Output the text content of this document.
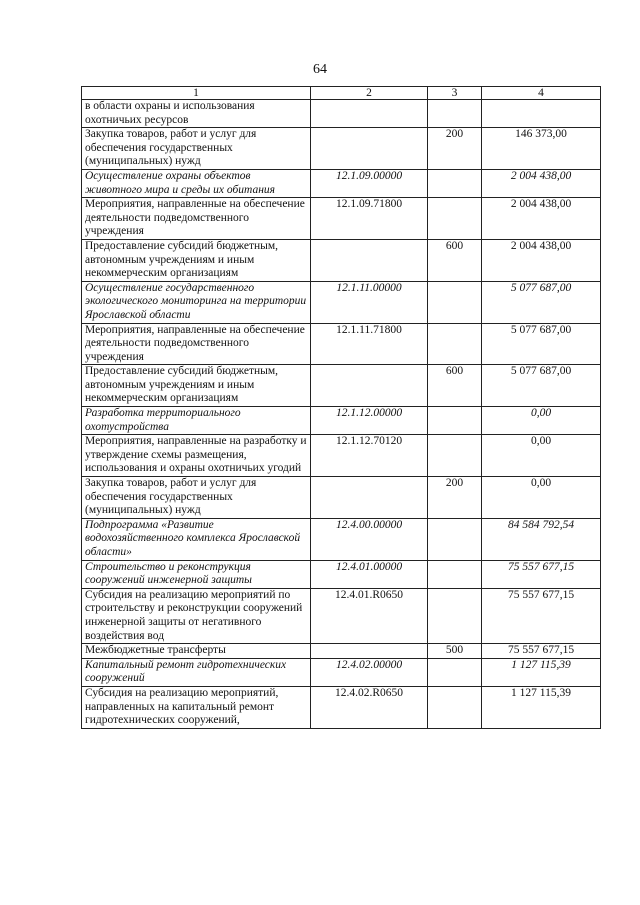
64
1	2	3	4
в области охраны и использования охотничьих ресурсов			
Закупка товаров, работ и услуг для обеспечения государственных (муниципальных) нужд		200	146 373,00
Осуществление охраны объектов животного мира и среды их обитания	12.1.09.00000		2 004 438,00
Мероприятия, направленные на обеспечение деятельности подведомственного учреждения	12.1.09.71800		2 004 438,00
Предоставление субсидий бюджетным, автономным учреждениям и иным некоммерческим организациям		600	2 004 438,00
Осуществление государственного экологического мониторинга на территории Ярославской области	12.1.11.00000		5 077 687,00
Мероприятия, направленные на обеспечение деятельности подведомственного учреждения	12.1.11.71800		5 077 687,00
Предоставление субсидий бюджетным, автономным учреждениям и иным некоммерческим организациям		600	5 077 687,00
Разработка территориального охотустройства	12.1.12.00000		0,00
Мероприятия, направленные на разработку и утверждение схемы размещения, использования и охраны охотничьих угодий	12.1.12.70120		0,00
Закупка товаров, работ и услуг для обеспечения государственных (муниципальных) нужд		200	0,00
Подпрограмма «Развитие водохозяйственного комплекса Ярославской области»	12.4.00.00000		84 584 792,54
Строительство и реконструкция сооружений инженерной защиты	12.4.01.00000		75 557 677,15
Субсидия на реализацию мероприятий по строительству и реконструкции сооружений инженерной защиты от негативного воздействия вод	12.4.01.R0650		75 557 677,15
Межбюджетные трансферты		500	75 557 677,15
Капитальный ремонт гидротехнических сооружений	12.4.02.00000		1 127 115,39
Субсидия на реализацию мероприятий, направленных на капитальный ремонт гидротехнических сооружений,	12.4.02.R0650		1 127 115,39
